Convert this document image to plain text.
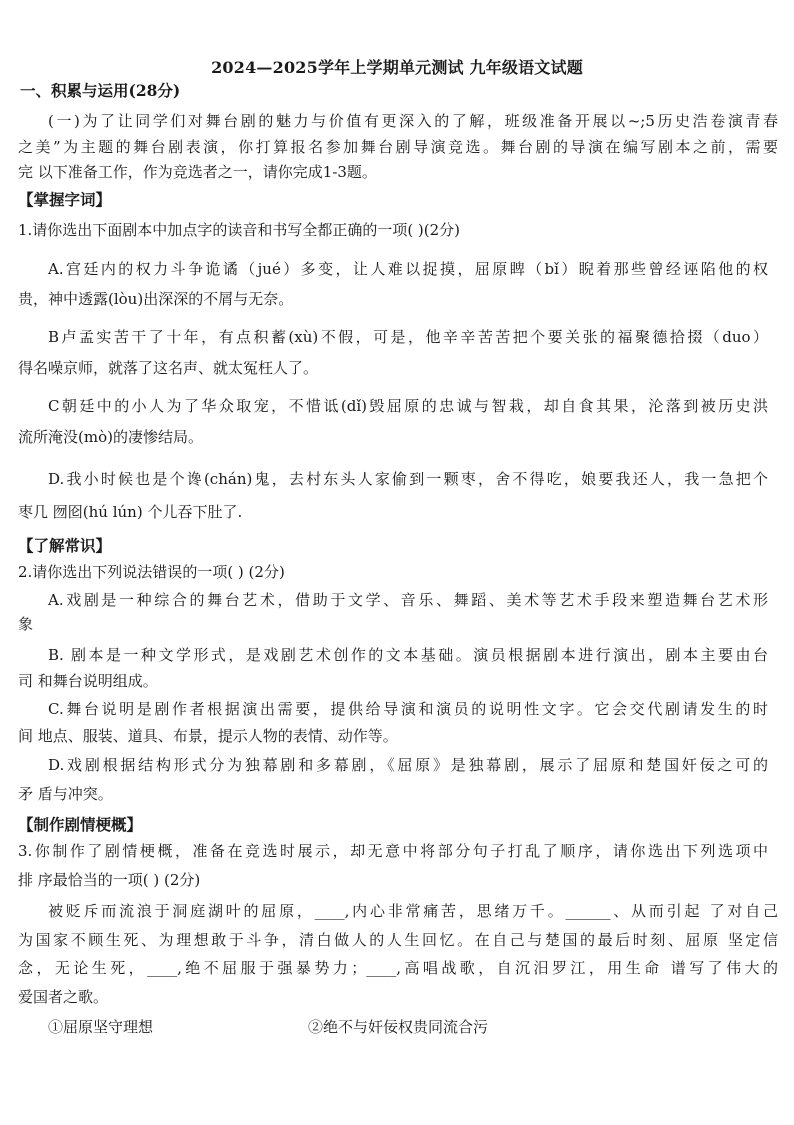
2024—2025学年上学期单元测试 九年级语文试题
一、积累与运用(28分)
(一)为了让同学们对舞台剧的魅力与价值有更深入的了解，班级准备开展以~;5历史浩卷演青春
之美”为主题的舞台剧表演，你打算报名参加舞台剧导演竞选。舞台剧的导演在编写剧本之前，需要
完 以下准备工作，作为竞选者之一，请你完成1-3题。
【掌握字词】
1.请你选出下面剧本中加点字的读音和书写全都正确的一项( )(2分)
A.宫廷内的权力斗争诡谲（jué）多变，让人难以捉摸，屈原睥（bǐ）睨着那些曾经诬陷他的权
贵，神中透露(lòu)出深深的不屑与无奈。
B卢孟实苦干了十年，有点积蓄(xù)不假，可是，他辛辛苦苦把个要关张的福聚德拾掇（duo）
得名噪京师，就落了这名声、就太冤枉人了。
C朝廷中的小人为了华众取宠，不惜诋(dǐ)毁屈原的忠诚与智栽，却自食其果，沦落到被历史洪
流所淹没(mò)的凄惨结局。
D.我小时候也是个谗(chán)鬼，去村东头人家偷到一颗枣，舍不得吃，娘要我还人，我一急把个
枣几 囫囵(hú lún) 个儿吞下肚了.
【了解常识】
2.请你选出下列说法错误的一项( ) (2分)
A.戏剧是一种综合的舞台艺术，借助于文学、音乐、舞蹈、美术等艺术手段来塑造舞台艺术形
象
B. 剧本是一种文学形式，是戏剧艺术创作的文本基础。演员根据剧本进行演出，剧本主要由台
司 和舞台说明组成。
C.舞台说明是剧作者根据演出需要，提供给导演和演员的说明性文字。它会交代剧请发生的时
间 地点、服装、道具、布景，提示人物的表情、动作等。
D.戏剧根据结构形式分为独幕剧和多幕剧，《屈原》是独幕剧，展示了屈原和楚国奸佞之可的
矛 盾与冲突。
【制作剧情梗概】
3.你制作了剧情梗概，准备在竞选时展示，却无意中将部分句子打乱了顺序，请你选出下列选项中
排 序最恰当的一项( ) (2分)
被贬斥而流浪于洞庭湖叶的屈原，____,内心非常痛苦，思绪万千。______、从而引起 了对自己
为国家不顾生死、为理想敢于斗争，清白做人的人生回忆。在自己与楚国的最后时刻、屈原 坚定信
念，无论生死，____,绝不屈服于强暴势力；____,高唱战歌，自沉汨罗江，用生命 谱写了伟大的
爱国者之歌。
①屈原坚守理想	②绝不与奸佞权贵同流合污
